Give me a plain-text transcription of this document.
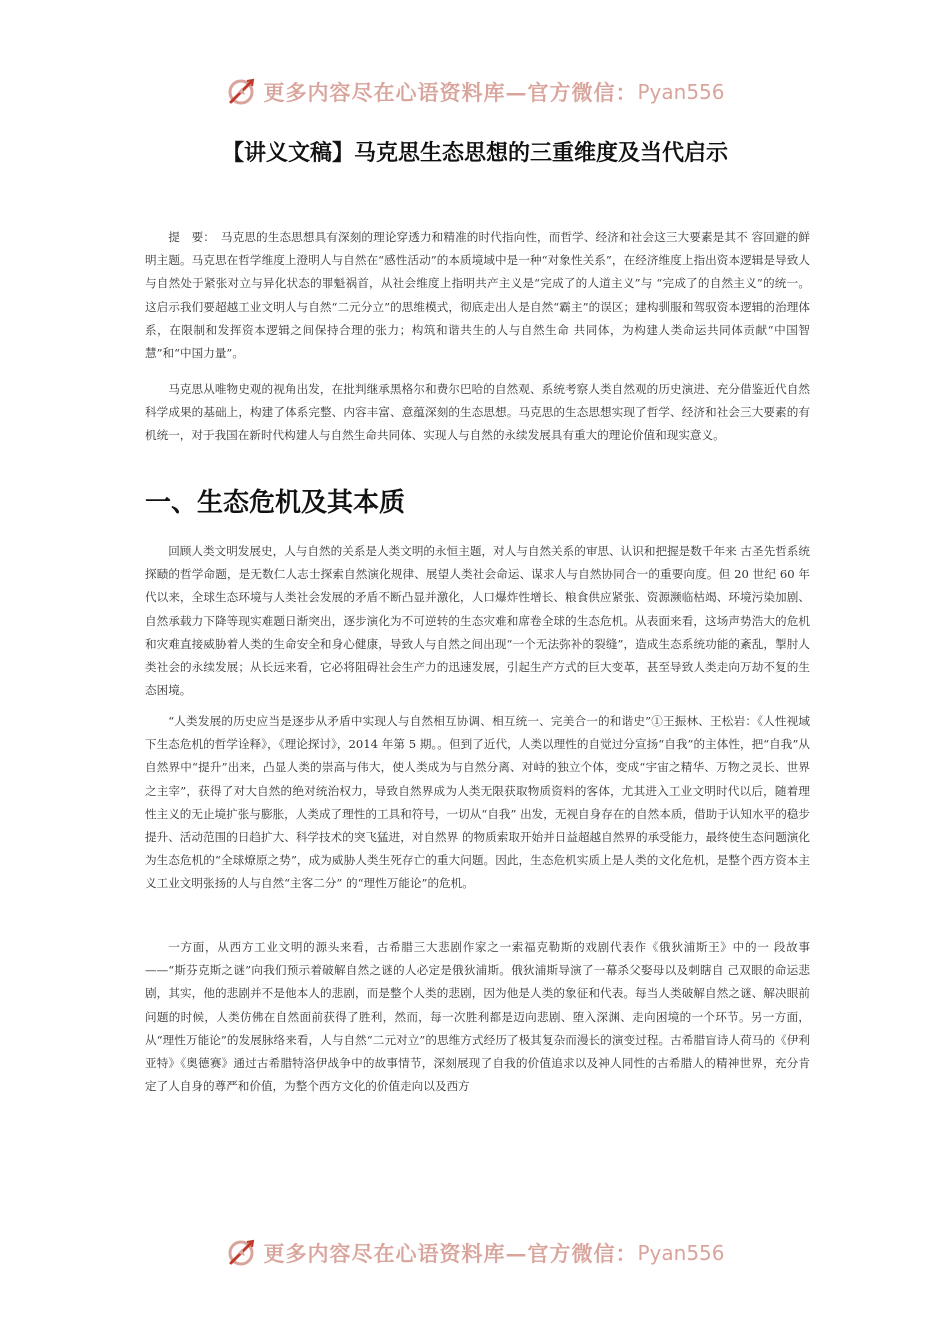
更多内容尽在心语资料库—官方微信： Pyan556
【讲义文稿】马克思生态思想的三重维度及当代启示

提　要：　马克思的生态思想具有深刻的理论穿透力和精准的时代指向性，而哲学、经济和社会这三大要素是其不 容回避的鲜明主题。马克思在哲学维度上澄明人与自然在“感性活动”的本质境域中是一种“对象性关系”，在经济维度上指出资本逻辑是导致人与自然处于紧张对立与异化状态的罪魁祸首，从社会维度上指明共产主义是“完成了的人道主义”与 “完成了的自然主义”的统一。这启示我们要超越工业文明人与自然“二元分立”的思维模式，彻底走出人是自然“霸主”的误区；建构驯服和驾驭资本逻辑的治理体系，在限制和发挥资本逻辑之间保持合理的张力；构筑和谐共生的人与自然生命 共同体，为构建人类命运共同体贡献“中国智慧”和“中国力量”。

马克思从唯物史观的视角出发，在批判继承黑格尔和费尔巴哈的自然观、系统考察人类自然观的历史演进、充分借鉴近代自然科学成果的基础上，构建了体系完整、内容丰富、意蕴深刻的生态思想。马克思的生态思想实现了哲学、经济和社会三大要素的有机统一，对于我国在新时代构建人与自然生命共同体、实现人与自然的永续发展具有重大的理论价值和现实意义。

一、生态危机及其本质

回顾人类文明发展史，人与自然的关系是人类文明的永恒主题，对人与自然关系的审思、认识和把握是数千年来 古圣先哲系统探赜的哲学命题，是无数仁人志士探索自然演化规律、展望人类社会命运、谋求人与自然协同合一的重要向度。但 20 世纪 60 年代以来，全球生态环境与人类社会发展的矛盾不断凸显并激化，人口爆炸性增长、粮食供应紧张、资源濒临枯竭、环境污染加剧、自然承载力下降等现实难题日渐突出，逐步演化为不可逆转的生态灾难和席卷全球的生态危机。从表面来看，这场声势浩大的危机和灾难直接威胁着人类的生命安全和身心健康，导致人与自然之间出现“一个无法弥补的裂缝”，造成生态系统功能的紊乱，掣肘人类社会的永续发展；从长远来看，它必将阻碍社会生产力的迅速发展，引起生产方式的巨大变革，甚至导致人类走向万劫不复的生态困境。

“人类发展的历史应当是逐步从矛盾中实现人与自然相互协调、相互统一、完美合一的和谐史”①王振林、王松岩：《人性视域下生态危机的哲学诠释》，《理论探讨》，2014 年第 5 期。。但到了近代，人类以理性的自觉过分宣扬“自我”的主体性，把“自我”从自然界中“提升”出来，凸显人类的崇高与伟大，使人类成为与自然分离、对峙的独立个体，变成“宇宙之精华、万物之灵长、世界之主宰”，获得了对大自然的绝对统治权力，导致自然界成为人类无限获取物质资料的客体，尤其进入工业文明时代以后，随着理性主义的无止境扩张与膨胀，人类成了理性的工具和符号，一切从“自我” 出发，无视自身存在的自然本质，借助于认知水平的稳步提升、活动范围的日趋扩大、科学技术的突飞猛进，对自然界 的物质索取开始并日益超越自然界的承受能力，最终使生态问题演化为生态危机的“全球燎原之势”，成为威胁人类生死存亡的重大问题。因此，生态危机实质上是人类的文化危机，是整个西方资本主义工业文明张扬的人与自然“主客二分” 的“理性万能论”的危机。

一方面，从西方工业文明的源头来看，古希腊三大悲剧作家之一索福克勒斯的戏剧代表作《俄狄浦斯王》中的一 段故事——“斯芬克斯之谜”向我们预示着破解自然之谜的人必定是俄狄浦斯。俄狄浦斯导演了一幕杀父娶母以及刺瞎自 己双眼的命运悲剧，其实，他的悲剧并不是他本人的悲剧，而是整个人类的悲剧，因为他是人类的象征和代表。每当人类破解自然之谜、解决眼前问题的时候，人类仿佛在自然面前获得了胜利，然而，每一次胜利都是迈向悲剧、堕入深渊、走向困境的一个环节。另一方面，从“理性万能论”的发展脉络来看，人与自然“二元对立”的思维方式经历了极其复杂而漫长的演变过程。古希腊盲诗人荷马的《伊利亚特》《奥德赛》通过古希腊特洛伊战争中的故事情节，深刻展现了自我的价值追求以及神人同性的古希腊人的精神世界，充分肯定了人自身的尊严和价值，为整个西方文化的价值走向以及西方

更多内容尽在心语资料库—官方微信： Pyan556
